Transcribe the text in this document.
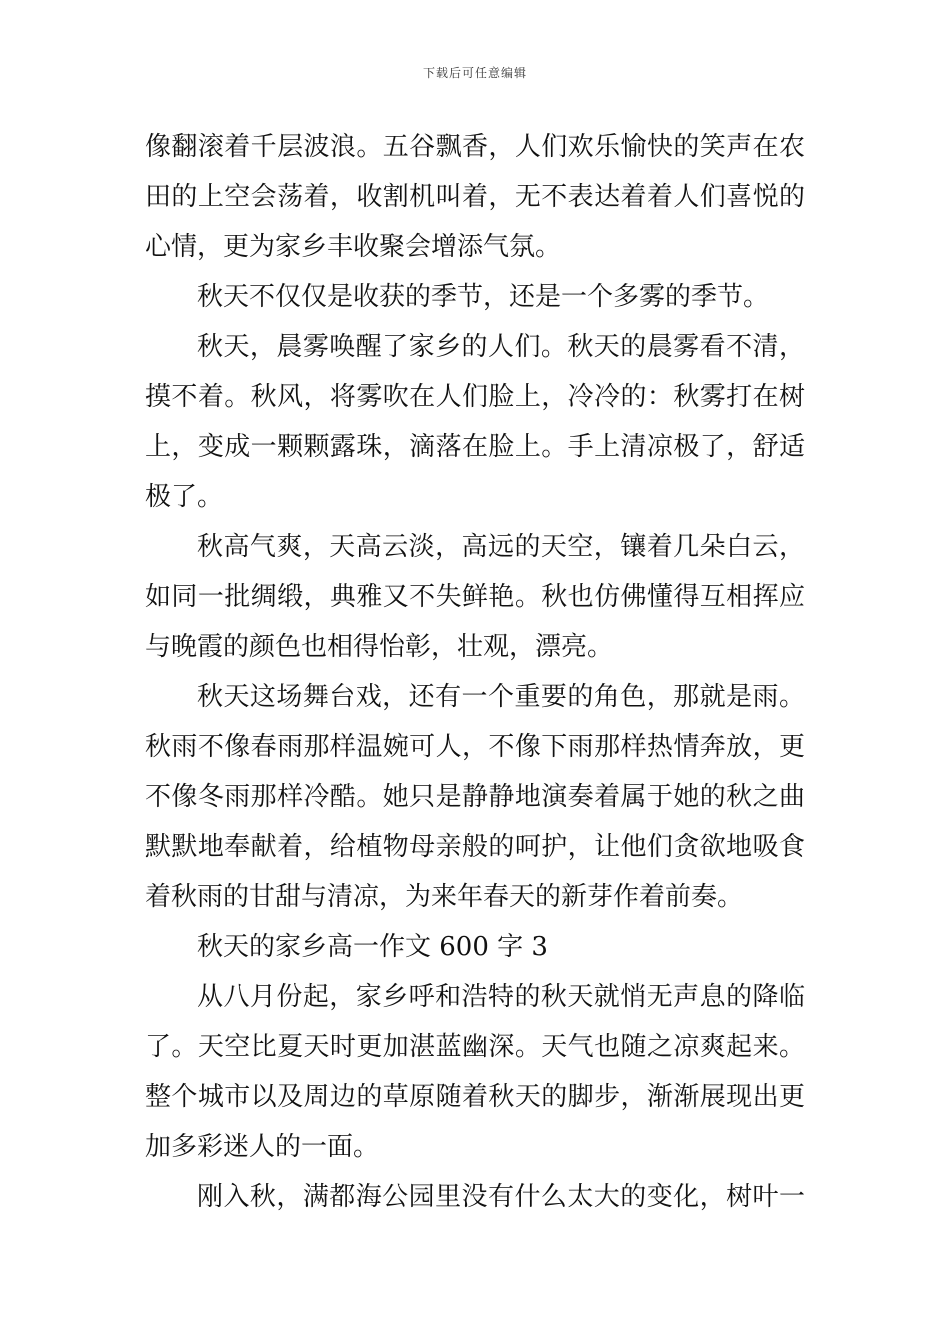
下载后可任意编辑
像翻滚着千层波浪。五谷飘香，人们欢乐愉快的笑声在农
田的上空会荡着，收割机叫着，无不表达着着人们喜悦的
心情，更为家乡丰收聚会增添气氛。
秋天不仅仅是收获的季节，还是一个多雾的季节。
秋天，晨雾唤醒了家乡的人们。秋天的晨雾看不清，
摸不着。秋风，将雾吹在人们脸上，冷冷的：秋雾打在树
上，变成一颗颗露珠，滴落在脸上。手上清凉极了，舒适
极了。
秋高气爽，天高云淡，高远的天空，镶着几朵白云，
如同一批绸缎，典雅又不失鲜艳。秋也仿佛懂得互相挥应
与晚霞的颜色也相得怡彰，壮观，漂亮。
秋天这场舞台戏，还有一个重要的角色，那就是雨。
秋雨不像春雨那样温婉可人，不像下雨那样热情奔放，更
不像冬雨那样冷酷。她只是静静地演奏着属于她的秋之曲
默默地奉献着，给植物母亲般的呵护，让他们贪欲地吸食
着秋雨的甘甜与清凉，为来年春天的新芽作着前奏。
秋天的家乡高一作文 600 字 3
从八月份起，家乡呼和浩特的秋天就悄无声息的降临
了。天空比夏天时更加湛蓝幽深。天气也随之凉爽起来。
整个城市以及周边的草原随着秋天的脚步，渐渐展现出更
加多彩迷人的一面。
刚入秋，满都海公园里没有什么太大的变化，树叶一
